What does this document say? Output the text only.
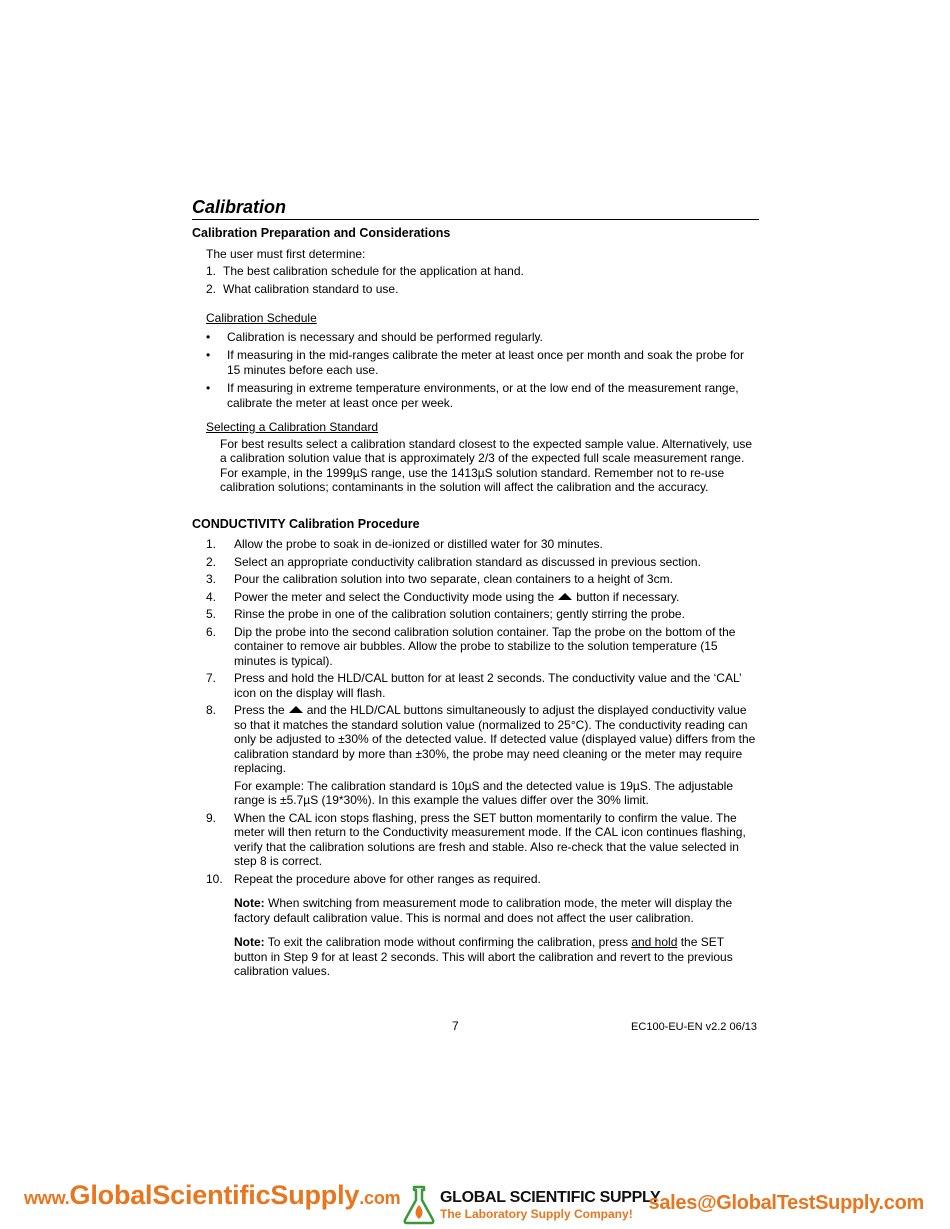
Calibration
Calibration Preparation and Considerations

The user must first determine:

1. The best calibration schedule for the application at hand.
2. What calibration standard to use.
Calibration Schedule
•	Calibration is necessary and should be performed regularly.
•	If measuring in the mid-ranges calibrate the meter at least once per month and soak the probe for 15 minutes before each use.
•	If measuring in extreme temperature environments, or at the low end of the measurement range, calibrate the meter at least once per week.
Selecting a Calibration Standard

For best results select a calibration standard closest to the expected sample value. Alternatively, use a calibration solution value that is approximately 2/3 of the expected full scale measurement range. For example, in the 1999µS range, use the 1413µS solution standard. Remember not to re-use calibration solutions; contaminants in the solution will affect the calibration and the accuracy.

CONDUCTIVITY Calibration Procedure
1.	Allow the probe to soak in de-ionized or distilled water for 30 minutes.
2.	Select an appropriate conductivity calibration standard as discussed in previous section.
3.	Pour the calibration solution into two separate, clean containers to a height of 3cm.
4.	Power the meter and select the Conductivity mode using the button if necessary.
5.	Rinse the probe in one of the calibration solution containers; gently stirring the probe.
6.	Dip the probe into the second calibration solution container. Tap the probe on the bottom of the container to remove air bubbles. Allow the probe to stabilize to the solution temperature (15 minutes is typical).
7.	Press and hold the HLD/CAL button for at least 2 seconds. The conductivity value and the ‘CAL’ icon on the display will flash.
8.	Press the and the HLD/CAL buttons simultaneously to adjust the displayed conductivity value so that it matches the standard solution value (normalized to 25°C). The conductivity reading can only be adjusted to ±30% of the detected value. If detected value (displayed value) differs from the calibration standard by more than ±30%, the probe may need cleaning or the meter may require replacing.

For example: The calibration standard is 10µS and the detected value is 19µS. The adjustable range is ±5.7µS (19*30%). In this example the values differ over the 30% limit.

9.	When the CAL icon stops flashing, press the SET button momentarily to confirm the value. The meter will then return to the Conductivity measurement mode. If the CAL icon continues flashing, verify that the calibration solutions are fresh and stable. Also re-check that the value selected in step 8 is correct.
10. Repeat the procedure above for other ranges as required.

Note: When switching from measurement mode to calibration mode, the meter will display the factory default calibration value. This is normal and does not affect the user calibration.

Note: To exit the calibration mode without confirming the calibration, press and hold the SET button in Step 9 for at least 2 seconds. This will abort the calibration and revert to the previous calibration values.

7	EC100-EU-EN v2.2 06/13
www.GlobalScientificSupply.com GLOBAL SCIENTIFIC SUPPLY
The Laboratory Supply Company! sales@GlobalTestSupply.com
